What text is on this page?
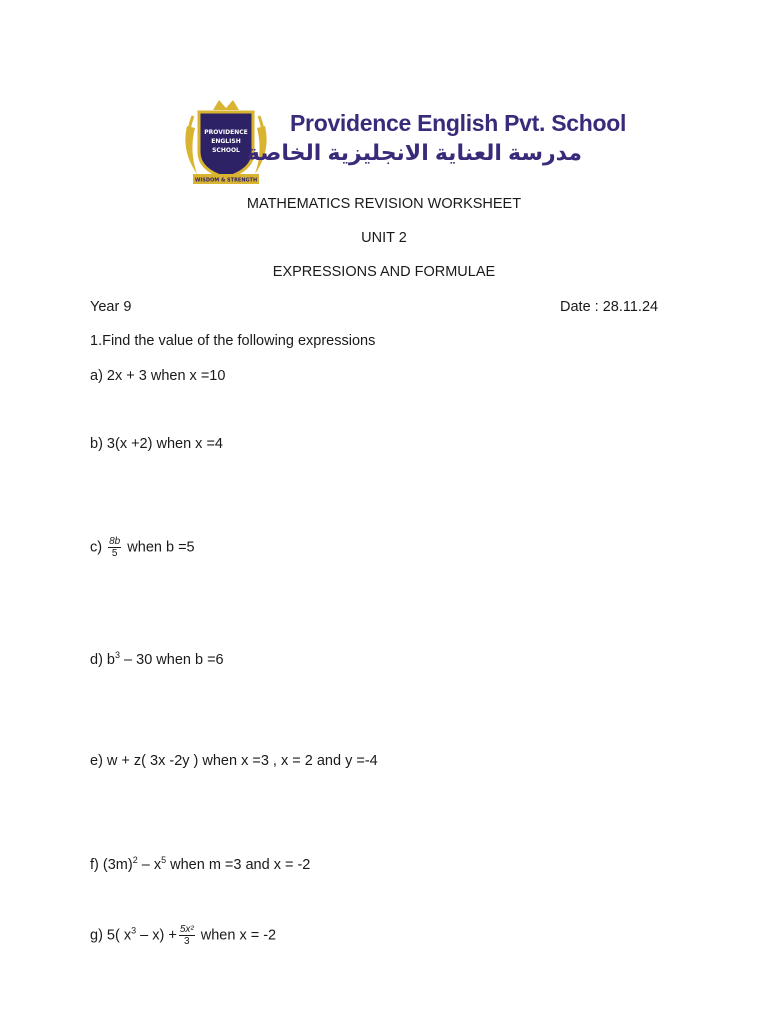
PROVIDENCE
ENGLISH
SCHOOL
WISDOM & STRENGTH
Providence English Pvt. School
مدرسة العناية الانجليزية الخاصة
MATHEMATICS REVISION WORKSHEET
UNIT 2
EXPRESSIONS AND FORMULAE
Year 9	Date : 28.11.24
1.Find the value of the following expressions
a) 2x + 3 when x =10
b) 3(x +2) when x =4
$c) \frac{8b}{5}$ when b =5
d) $b^3 - 30$ when b =6
e) w + z( 3x -2y ) when x =3 , x = 2 and y =-4
f) $(3m)^2 - x^5$ when m =3 and x = -2
g) 5( $x^3 - x) + \frac{\text{5x²}}{3}$ when x = -2
